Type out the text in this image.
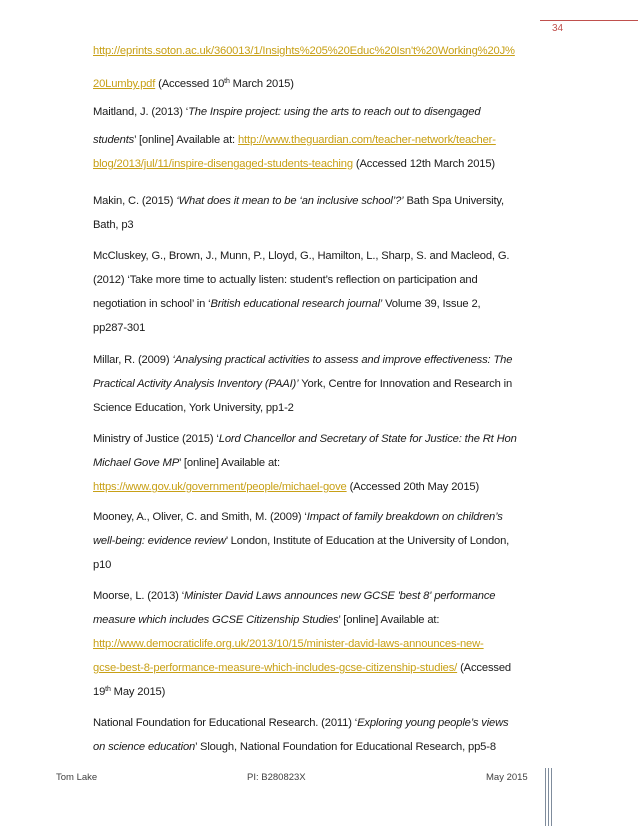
34
http://eprints.soton.ac.uk/360013/1/Insights%205%20Educ%20Isn't%20Working%20J%
20Lumby.pdf (Accessed 10th March 2015)
Maitland, J. (2013) ‘The Inspire project: using the arts to reach out to disengaged
students’ [online] Available at: http://www.theguardian.com/teacher-network/teacher-
blog/2013/jul/11/inspire-disengaged-students-teaching (Accessed 12th March 2015)
Makin, C. (2015) ‘What does it mean to be ‘an inclusive school’?’ Bath Spa University,
Bath, p3
McCluskey, G., Brown, J., Munn, P., Lloyd, G., Hamilton, L., Sharp, S. and Macleod, G.
(2012) ‘Take more time to actually listen: student’s reflection on participation and
negotiation in school’ in ‘British educational research journal’ Volume 39, Issue 2,
pp287-301
Millar, R. (2009) ‘Analysing practical activities to assess and improve effectiveness: The
Practical Activity Analysis Inventory (PAAI)’ York, Centre for Innovation and Research in
Science Education, York University, pp1-2
Ministry of Justice (2015) ‘Lord Chancellor and Secretary of State for Justice: the Rt Hon
Michael Gove MP’ [online] Available at:
https://www.gov.uk/government/people/michael-gove (Accessed 20th May 2015)
Mooney, A., Oliver, C. and Smith, M. (2009) ‘Impact of family breakdown on children’s
well-being: evidence review’ London, Institute of Education at the University of London,
p10
Moorse, L. (2013) ‘Minister David Laws announces new GCSE 'best 8' performance
measure which includes GCSE Citizenship Studies’ [online] Available at:
http://www.democraticlife.org.uk/2013/10/15/minister-david-laws-announces-new-
gcse-best-8-performance-measure-which-includes-gcse-citizenship-studies/ (Accessed
19th May 2015)
National Foundation for Educational Research. (2011) ‘Exploring young people’s views
on science education’ Slough, National Foundation for Educational Research, pp5-8
Tom Lake	PI: B280823X	May 2015
